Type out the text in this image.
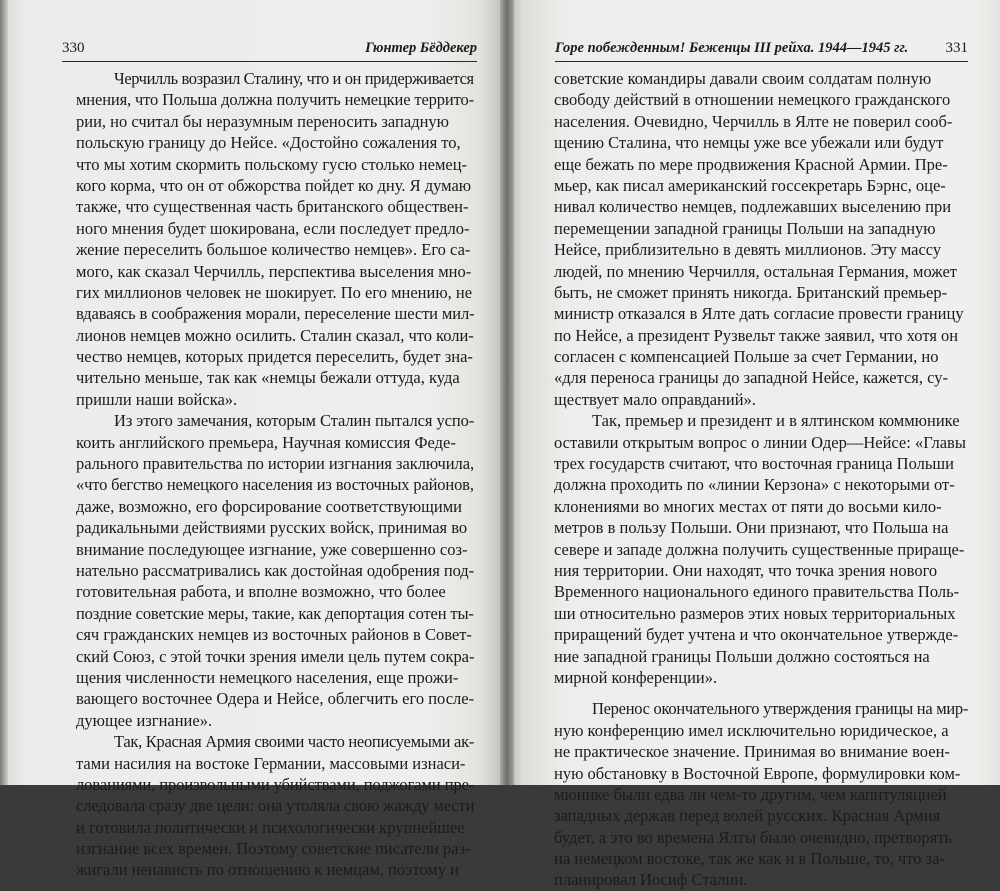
330	Гюнтер Бёддекер
Черчилль возразил Сталину, что и он придерживается
мнения, что Польша должна получить немецкие террито-
рии, но считал бы неразумным переносить западную
польскую границу до Нейсе. «Достойно сожаления то,
что мы хотим скормить польскому гусю столько немец-
кого корма, что он от обжорства пойдет ко дну. Я думаю
также, что существенная часть британского обществен-
ного мнения будет шокирована, если последует предло-
жение переселить большое количество немцев». Его са-
мого, как сказал Черчилль, перспектива выселения мно-
гих миллионов человек не шокирует. По его мнению, не
вдаваясь в соображения морали, переселение шести мил-
лионов немцев можно осилить. Сталин сказал, что коли-
чество немцев, которых придется переселить, будет зна-
чительно меньше, так как «немцы бежали оттуда, куда
пришли наши войска».
Из этого замечания, которым Сталин пытался успо-
коить английского премьера, Научная комиссия Феде-
рального правительства по истории изгнания заключила,
«что бегство немецкого населения из восточных районов,
даже, возможно, его форсирование соответствующими
радикальными действиями русских войск, принимая во
внимание последующее изгнание, уже совершенно соз-
нательно рассматривались как достойная одобрения под-
готовительная работа, и вполне возможно, что более
поздние советские меры, такие, как депортация сотен ты-
сяч гражданских немцев из восточных районов в Совет-
ский Союз, с этой точки зрения имели цель путем сокра-
щения численности немецкого населения, еще прожи-
вающего восточнее Одера и Нейсе, облегчить его после-
дующее изгнание».
Так, Красная Армия своими часто неописуемыми ак-
тами насилия на востоке Германии, массовыми изнаси-
лованиями, произвольными убийствами, поджогами пре-
следовала сразу две цели: она утоляла свою жажду мести
и готовила политически и психологически крупнейшее
изгнание всех времен. Поэтому советские писатели раз-
жигали ненависть по отношению к немцам, поэтому и
Горе побежденным! Беженцы III рейха. 1944—1945 гг. 331
советские командиры давали своим солдатам полную
свободу действий в отношении немецкого гражданского
населения. Очевидно, Черчилль в Ялте не поверил сооб-
щению Сталина, что немцы уже все убежали или будут
еще бежать по мере продвижения Красной Армии. Пре-
мьер, как писал американский госсекретарь Бэрнс, оце-
нивал количество немцев, подлежавших выселению при
перемещении западной границы Польши на западную
Нейсе, приблизительно в девять миллионов. Эту массу
людей, по мнению Черчилля, остальная Германия, может
быть, не сможет принять никогда. Британский премьер-
министр отказался в Ялте дать согласие провести границу
по Нейсе, а президент Рузвельт также заявил, что хотя он
согласен с компенсацией Польше за счет Германии, но
«для переноса границы до западной Нейсе, кажется, су-
ществует мало оправданий».
Так, премьер и президент и в ялтинском коммюнике
оставили открытым вопрос о линии Одер—Нейсе: «Главы
трех государств считают, что восточная граница Польши
должна проходить по «линии Керзона» с некоторыми от-
клонениями во многих местах от пяти до восьми кило-
метров в пользу Польши. Они признают, что Польша на
севере и западе должна получить существенные прираще-
ния территории. Они находят, что точка зрения нового
Временного национального единого правительства Поль-
ши относительно размеров этих новых территориальных
приращений будет учтена и что окончательное утвержде-
ние западной границы Польши должно состояться на
мирной конференции».
Перенос окончательного утверждения границы на мир-
ную конференцию имел исключительно юридическое, а
не практическое значение. Принимая во внимание воен-
ную обстановку в Восточной Европе, формулировки ком-
мюнике были едва ли чем-то другим, чем капитуляцией
западных держав перед волей русских. Красная Армия
будет, а это во времена Ялты было очевидно, претворять
на немецком востоке, так же как и в Польше, то, что за-
планировал Иосиф Сталин.
